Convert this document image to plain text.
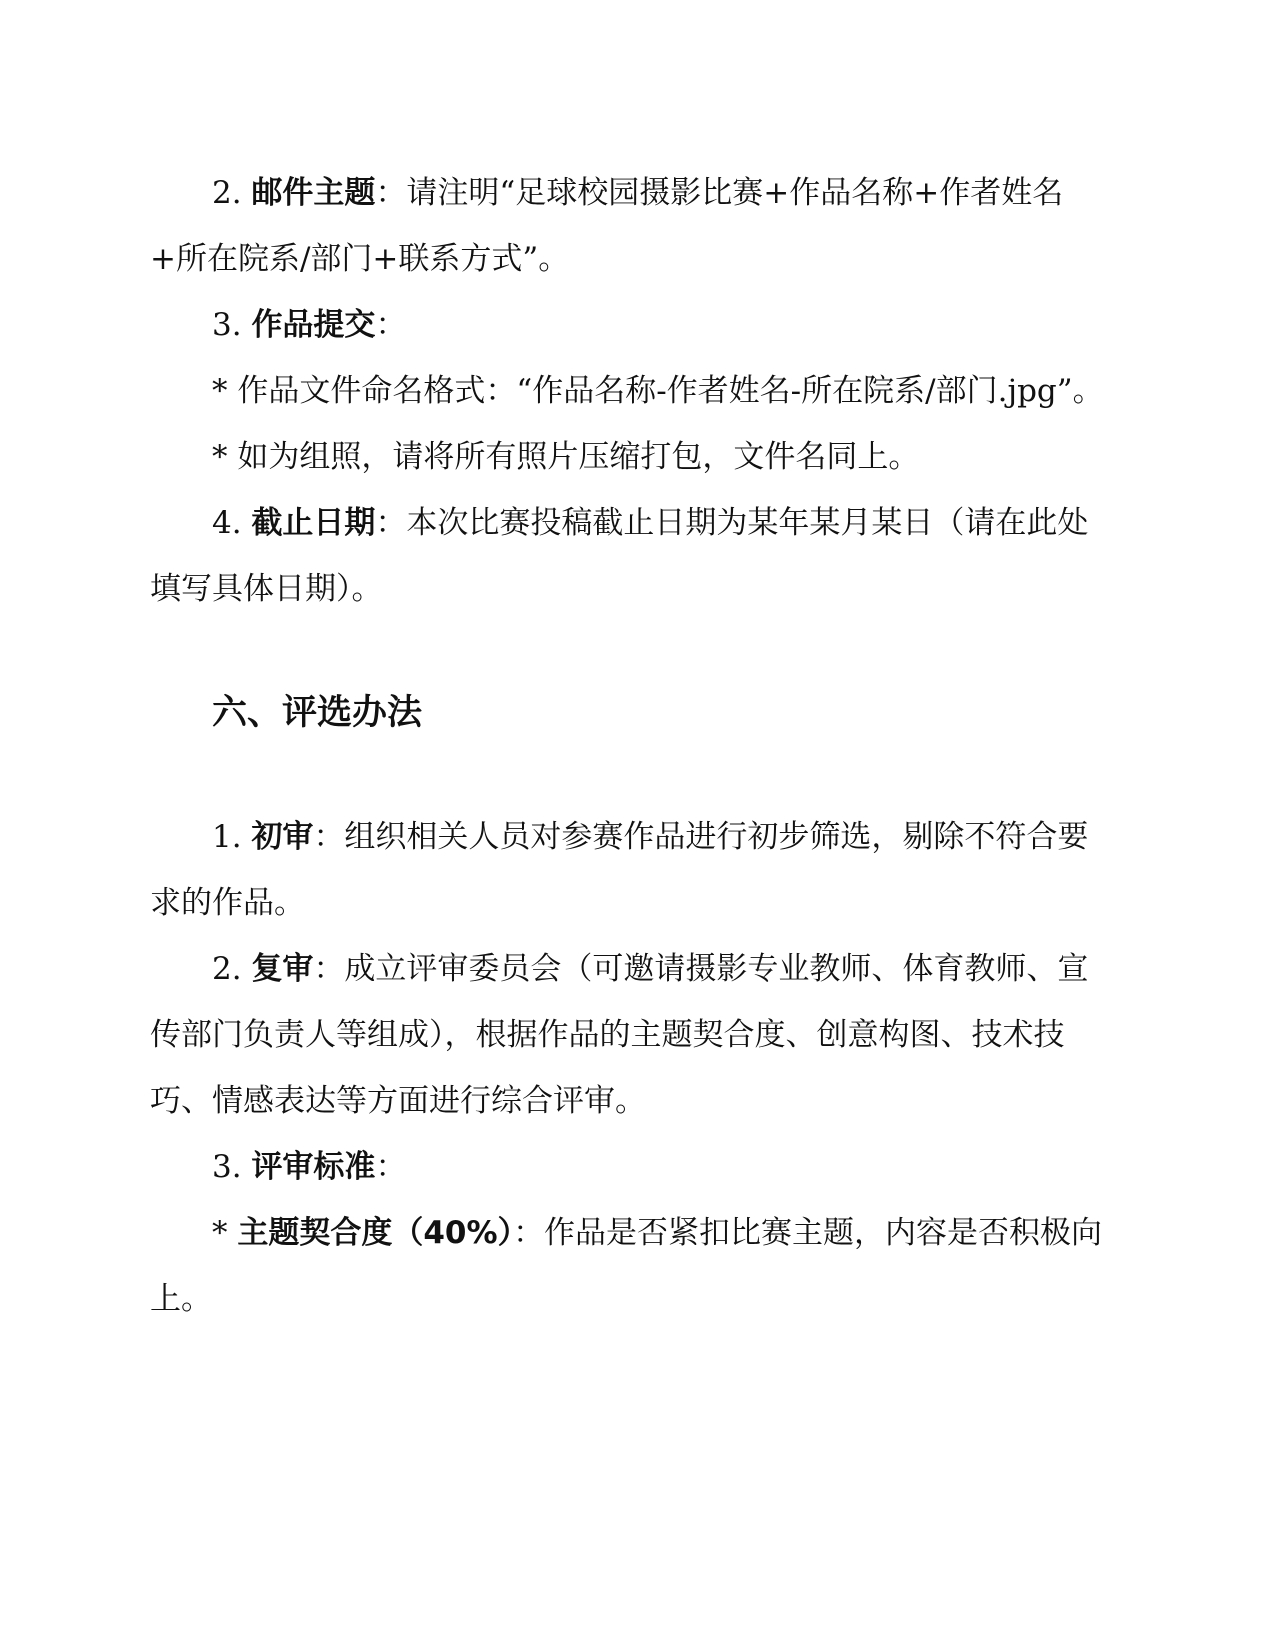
2. 邮件主题：请注明“足球校园摄影比赛+作品名称+作者姓名+所在院系/部门+联系方式”。

3. 作品提交：

* 作品文件命名格式：“作品名称-作者姓名-所在院系/部门.jpg”。

* 如为组照，请将所有照片压缩打包，文件名同上。

4. 截止日期：本次比赛投稿截止日期为某年某月某日（请在此处填写具体日期）。

六、评选办法

1. 初审：组织相关人员对参赛作品进行初步筛选，剔除不符合要求的作品。

2. 复审：成立评审委员会（可邀请摄影专业教师、体育教师、宣传部门负责人等组成），根据作品的主题契合度、创意构图、技术技巧、情感表达等方面进行综合评审。

3. 评审标准：

* 主题契合度（40%）：作品是否紧扣比赛主题，内容是否积极向上。
